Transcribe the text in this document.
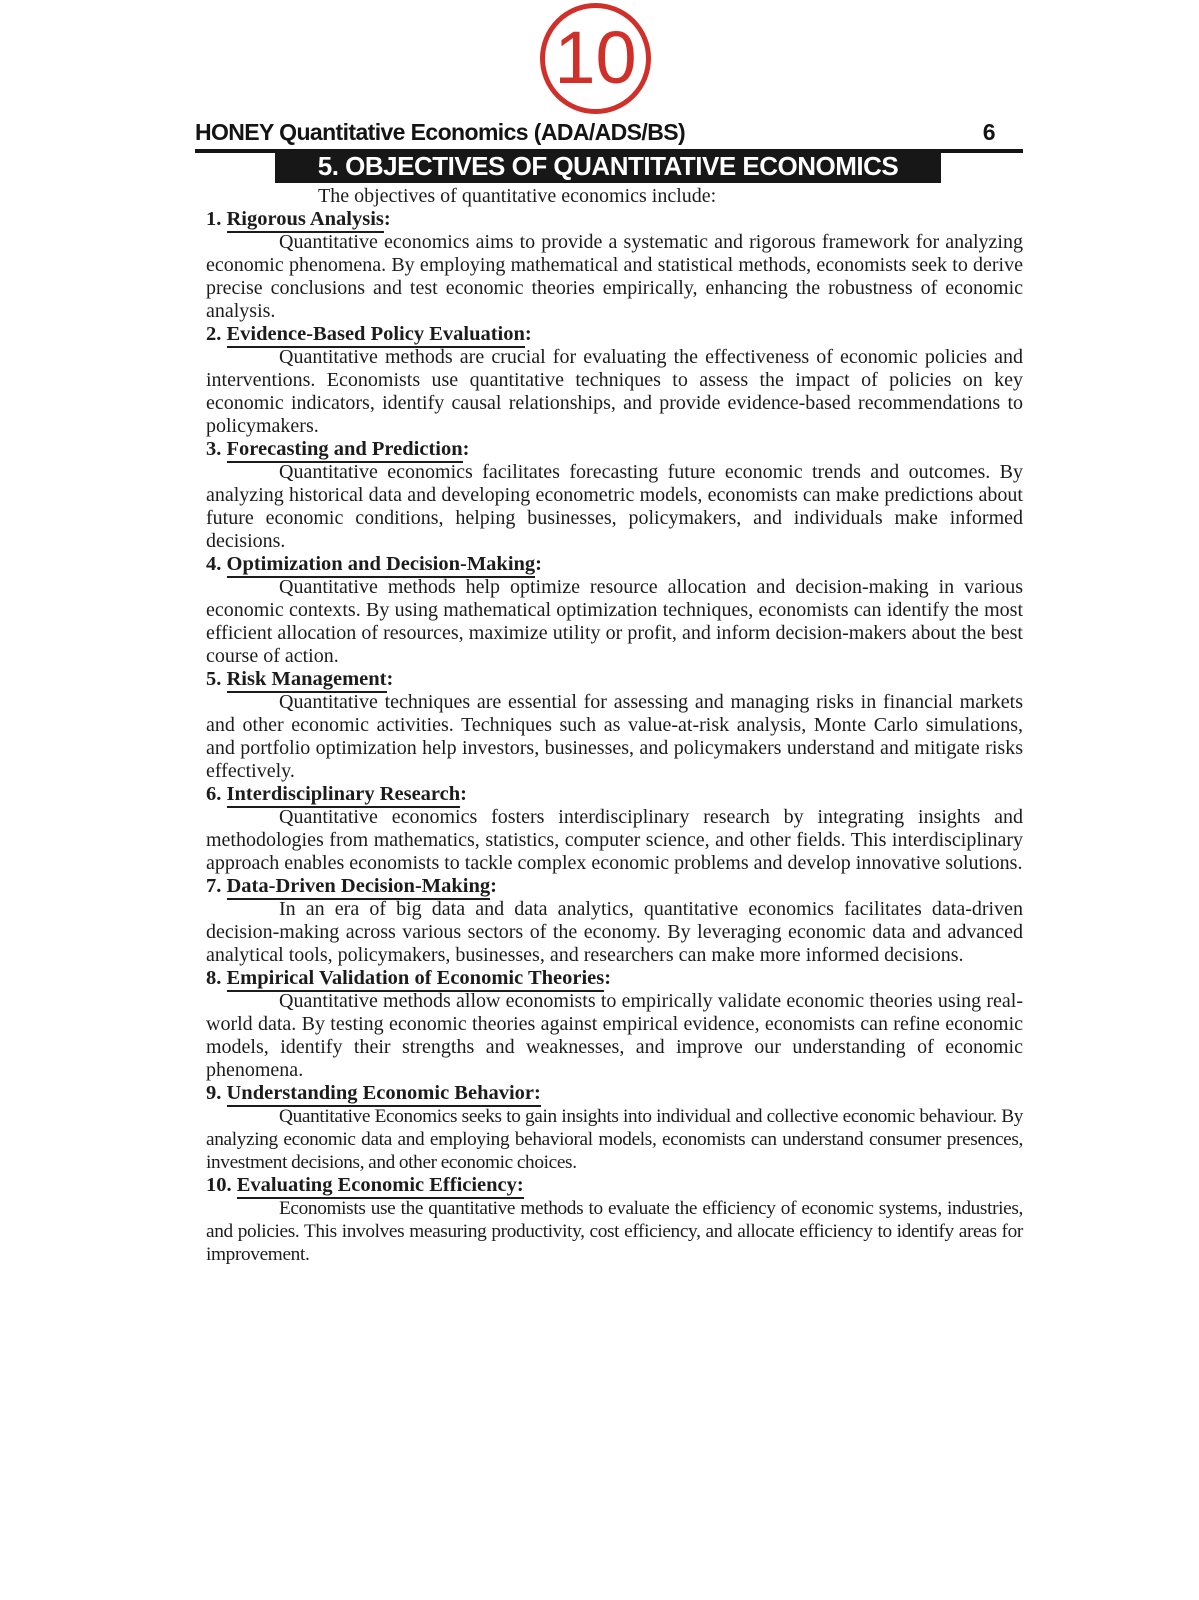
10
HONEY Quantitative Economics (ADA/ADS/BS)	6
5. OBJECTIVES OF QUANTITATIVE ECONOMICS

The objectives of quantitative economics include:

1. Rigorous Analysis:

Quantitative economics aims to provide a systematic and rigorous framework for analyzing economic phenomena. By employing mathematical and statistical methods, economists seek to derive precise conclusions and test economic theories empirically, enhancing the robustness of economic analysis.

2. Evidence-Based Policy Evaluation:

Quantitative methods are crucial for evaluating the effectiveness of economic policies and interventions. Economists use quantitative techniques to assess the impact of policies on key economic indicators, identify causal relationships, and provide evidence-based recommendations to policymakers.

3. Forecasting and Prediction:

Quantitative economics facilitates forecasting future economic trends and outcomes. By analyzing historical data and developing econometric models, economists can make predictions about future economic conditions, helping businesses, policymakers, and individuals make informed decisions.

4. Optimization and Decision-Making:

Quantitative methods help optimize resource allocation and decision-making in various economic contexts. By using mathematical optimization techniques, economists can identify the most efficient allocation of resources, maximize utility or profit, and inform decision-makers about the best course of action.

5. Risk Management:

Quantitative techniques are essential for assessing and managing risks in financial markets and other economic activities. Techniques such as value-at-risk analysis, Monte Carlo simulations, and portfolio optimization help investors, businesses, and policymakers understand and mitigate risks effectively.

6. Interdisciplinary Research:

Quantitative economics fosters interdisciplinary research by integrating insights and methodologies from mathematics, statistics, computer science, and other fields. This interdisciplinary approach enables economists to tackle complex economic problems and develop innovative solutions.

7. Data-Driven Decision-Making:

In an era of big data and data analytics, quantitative economics facilitates data-driven decision-making across various sectors of the economy. By leveraging economic data and advanced analytical tools, policymakers, businesses, and researchers can make more informed decisions.

8. Empirical Validation of Economic Theories:

Quantitative methods allow economists to empirically validate economic theories using real-world data. By testing economic theories against empirical evidence, economists can refine economic models, identify their strengths and weaknesses, and improve our understanding of economic phenomena.

9. Understanding Economic Behavior:

Quantitative Economics seeks to gain insights into individual and collective economic behaviour. By analyzing economic data and employing behavioral models, economists can understand consumer presences, investment decisions, and other economic choices.

10. Evaluating Economic Efficiency:

Economists use the quantitative methods to evaluate the efficiency of economic systems, industries, and policies. This involves measuring productivity, cost efficiency, and allocate efficiency to identify areas for improvement.
